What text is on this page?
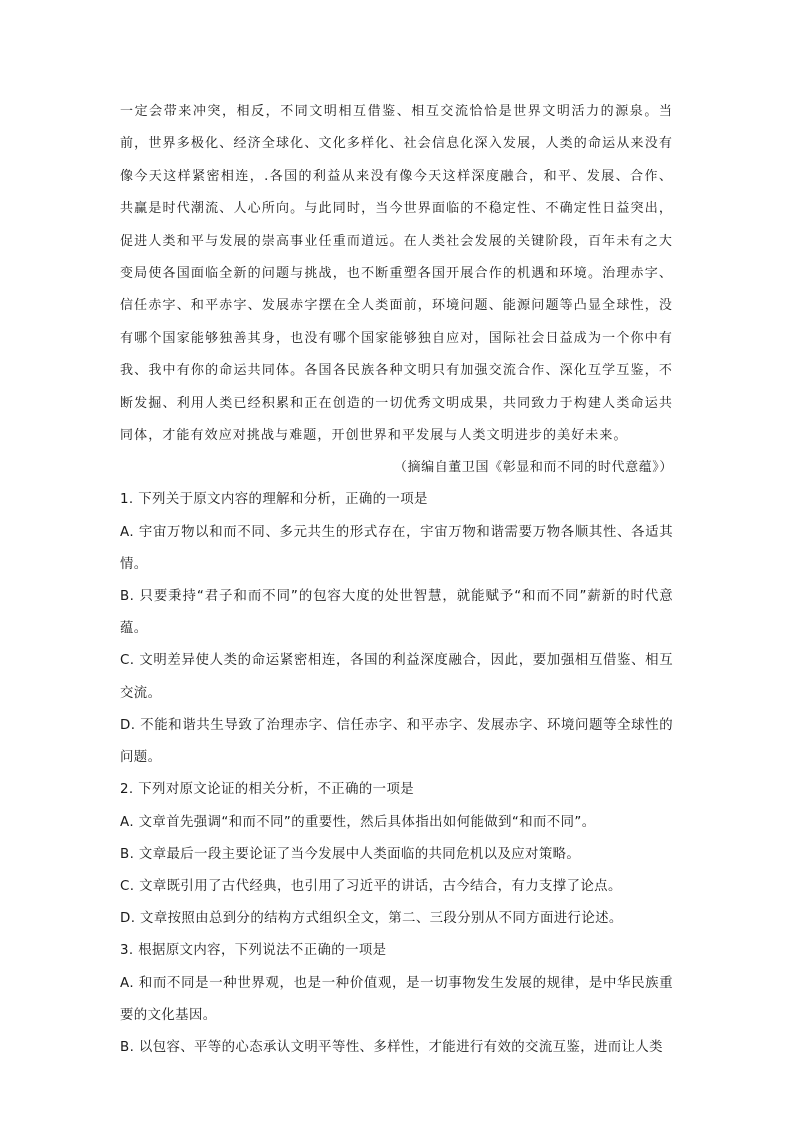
一定会带来冲突，相反，不同文明相互借鉴、相互交流恰恰是世界文明活力的源泉。当前，世界多极化、经济全球化、文化多样化、社会信息化深入发展，人类的命运从来没有像今天这样紧密相连，.各国的利益从来没有像今天这样深度融合，和平、发展、合作、共赢是时代潮流、人心所向。与此同时，当今世界面临的不稳定性、不确定性日益突出，促进人类和平与发展的崇高事业任重而道远。在人类社会发展的关键阶段，百年未有之大变局使各国面临全新的问题与挑战，也不断重塑各国开展合作的机遇和环境。治理赤字、信任赤字、和平赤字、发展赤字摆在全人类面前，环境问题、能源问题等凸显全球性，没有哪个国家能够独善其身，也没有哪个国家能够独自应对，国际社会日益成为一个你中有我、我中有你的命运共同体。各国各民族各种文明只有加强交流合作、深化互学互鉴，不断发掘、利用人类已经积累和正在创造的一切优秀文明成果，共同致力于构建人类命运共同体，才能有效应对挑战与难题，开创世界和平发展与人类文明进步的美好未来。

（摘编自董卫国《彰显和而不同的时代意蕴》）

1. 下列关于原文内容的理解和分析，正确的一项是

A. 宇宙万物以和而不同、多元共生的形式存在，宇宙万物和谐需要万物各顺其性、各适其情。

B. 只要秉持“君子和而不同”的包容大度的处世智慧，就能赋予“和而不同”薪新的时代意蕴。

C. 文明差异使人类的命运紧密相连，各国的利益深度融合，因此，要加强相互借鉴、相互交流。

D. 不能和谐共生导致了治理赤字、信任赤字、和平赤字、发展赤字、环境问题等全球性的问题。

2. 下列对原文论证的相关分析，不正确的一项是

A. 文章首先强调“和而不同”的重要性，然后具体指出如何能做到“和而不同”。

B. 文章最后一段主要论证了当今发展中人类面临的共同危机以及应对策略。

C. 文章既引用了古代经典，也引用了习近平的讲话，古今结合，有力支撑了论点。

D. 文章按照由总到分的结构方式组织全文，第二、三段分别从不同方面进行论述。

3. 根据原文内容，下列说法不正确的一项是

A. 和而不同是一种世界观，也是一种价值观，是一切事物发生发展的规律，是中华民族重要的文化基因。

B. 以包容、平等的心态承认文明平等性、多样性，才能进行有效的交流互鉴，进而让人类
